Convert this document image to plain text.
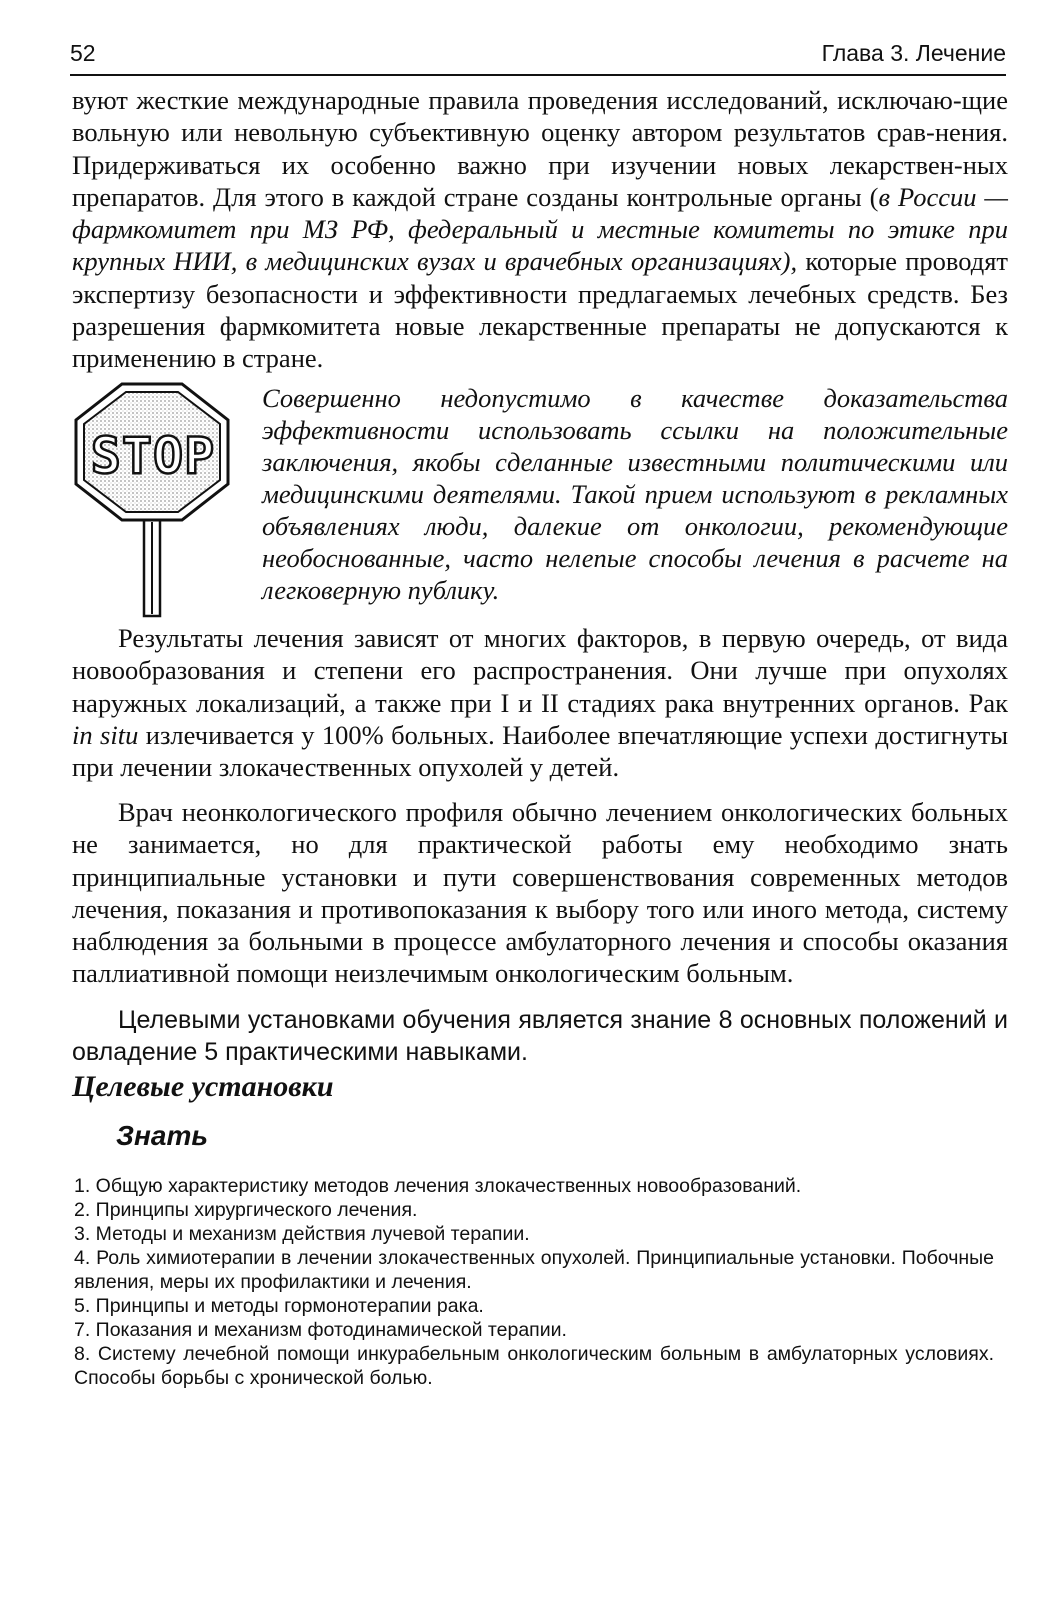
52	Глава 3. Лечение

вуют жесткие международные правила проведения исследований, исключаю-щие вольную или невольную субъективную оценку автором результатов срав-нения. Придерживаться их особенно важно при изучении новых лекарствен-ных препаратов. Для этого в каждой стране созданы контрольные органы (в России — фармкомитет при МЗ РФ, федеральный и местные комитеты по этике при крупных НИИ, в медицинских вузах и врачебных организациях), которые проводят экспертизу безопасности и эффективности предлагаемых лечебных средств. Без разрешения фармкомитета новые лекарственные препараты не допускаются к применению в стране.

STOP

Совершенно недопустимо в качестве доказательства эффективности использовать ссылки на положительные заключения, якобы сделанные известными политическими или медицинскими деятелями. Такой прием используют в рекламных объявлениях люди, далекие от онкологии, рекомендующие необоснованные, часто нелепые способы лечения в расчете на легковерную публику.

Результаты лечения зависят от многих факторов, в первую очередь, от вида новообразования и степени его распространения. Они лучше при опухолях наружных локализаций, а также при I и II стадиях рака внутренних органов. Рак in situ излечивается у 100% больных. Наиболее впечатляющие успехи достигнуты при лечении злокачественных опухолей у детей.

Врач неонкологического профиля обычно лечением онкологических больных не занимается, но для практической работы ему необходимо знать принципиальные установки и пути совершенствования современных методов лечения, показания и противопоказания к выбору того или иного метода, систему наблюдения за больными в процессе амбулаторного лечения и способы оказания паллиативной помощи неизлечимым онкологическим больным.

Целевыми установками обучения является знание 8 основных положений и овладение 5 практическими навыками.

Целевые установки
Знать
1. Общую характеристику методов лечения злокачественных новообразований.
2. Принципы хирургического лечения.
3. Методы и механизм действия лучевой терапии.
4. Роль химиотерапии в лечении злокачественных опухолей. Принципиальные установки. Побочные явления, меры их профилактики и лечения.
5. Принципы и методы гормонотерапии рака.
7. Показания и механизм фотодинамической терапии.
8. Систему лечебной помощи инкурабельным онкологическим больным в амбулаторных условиях. Способы борьбы с хронической болью.
